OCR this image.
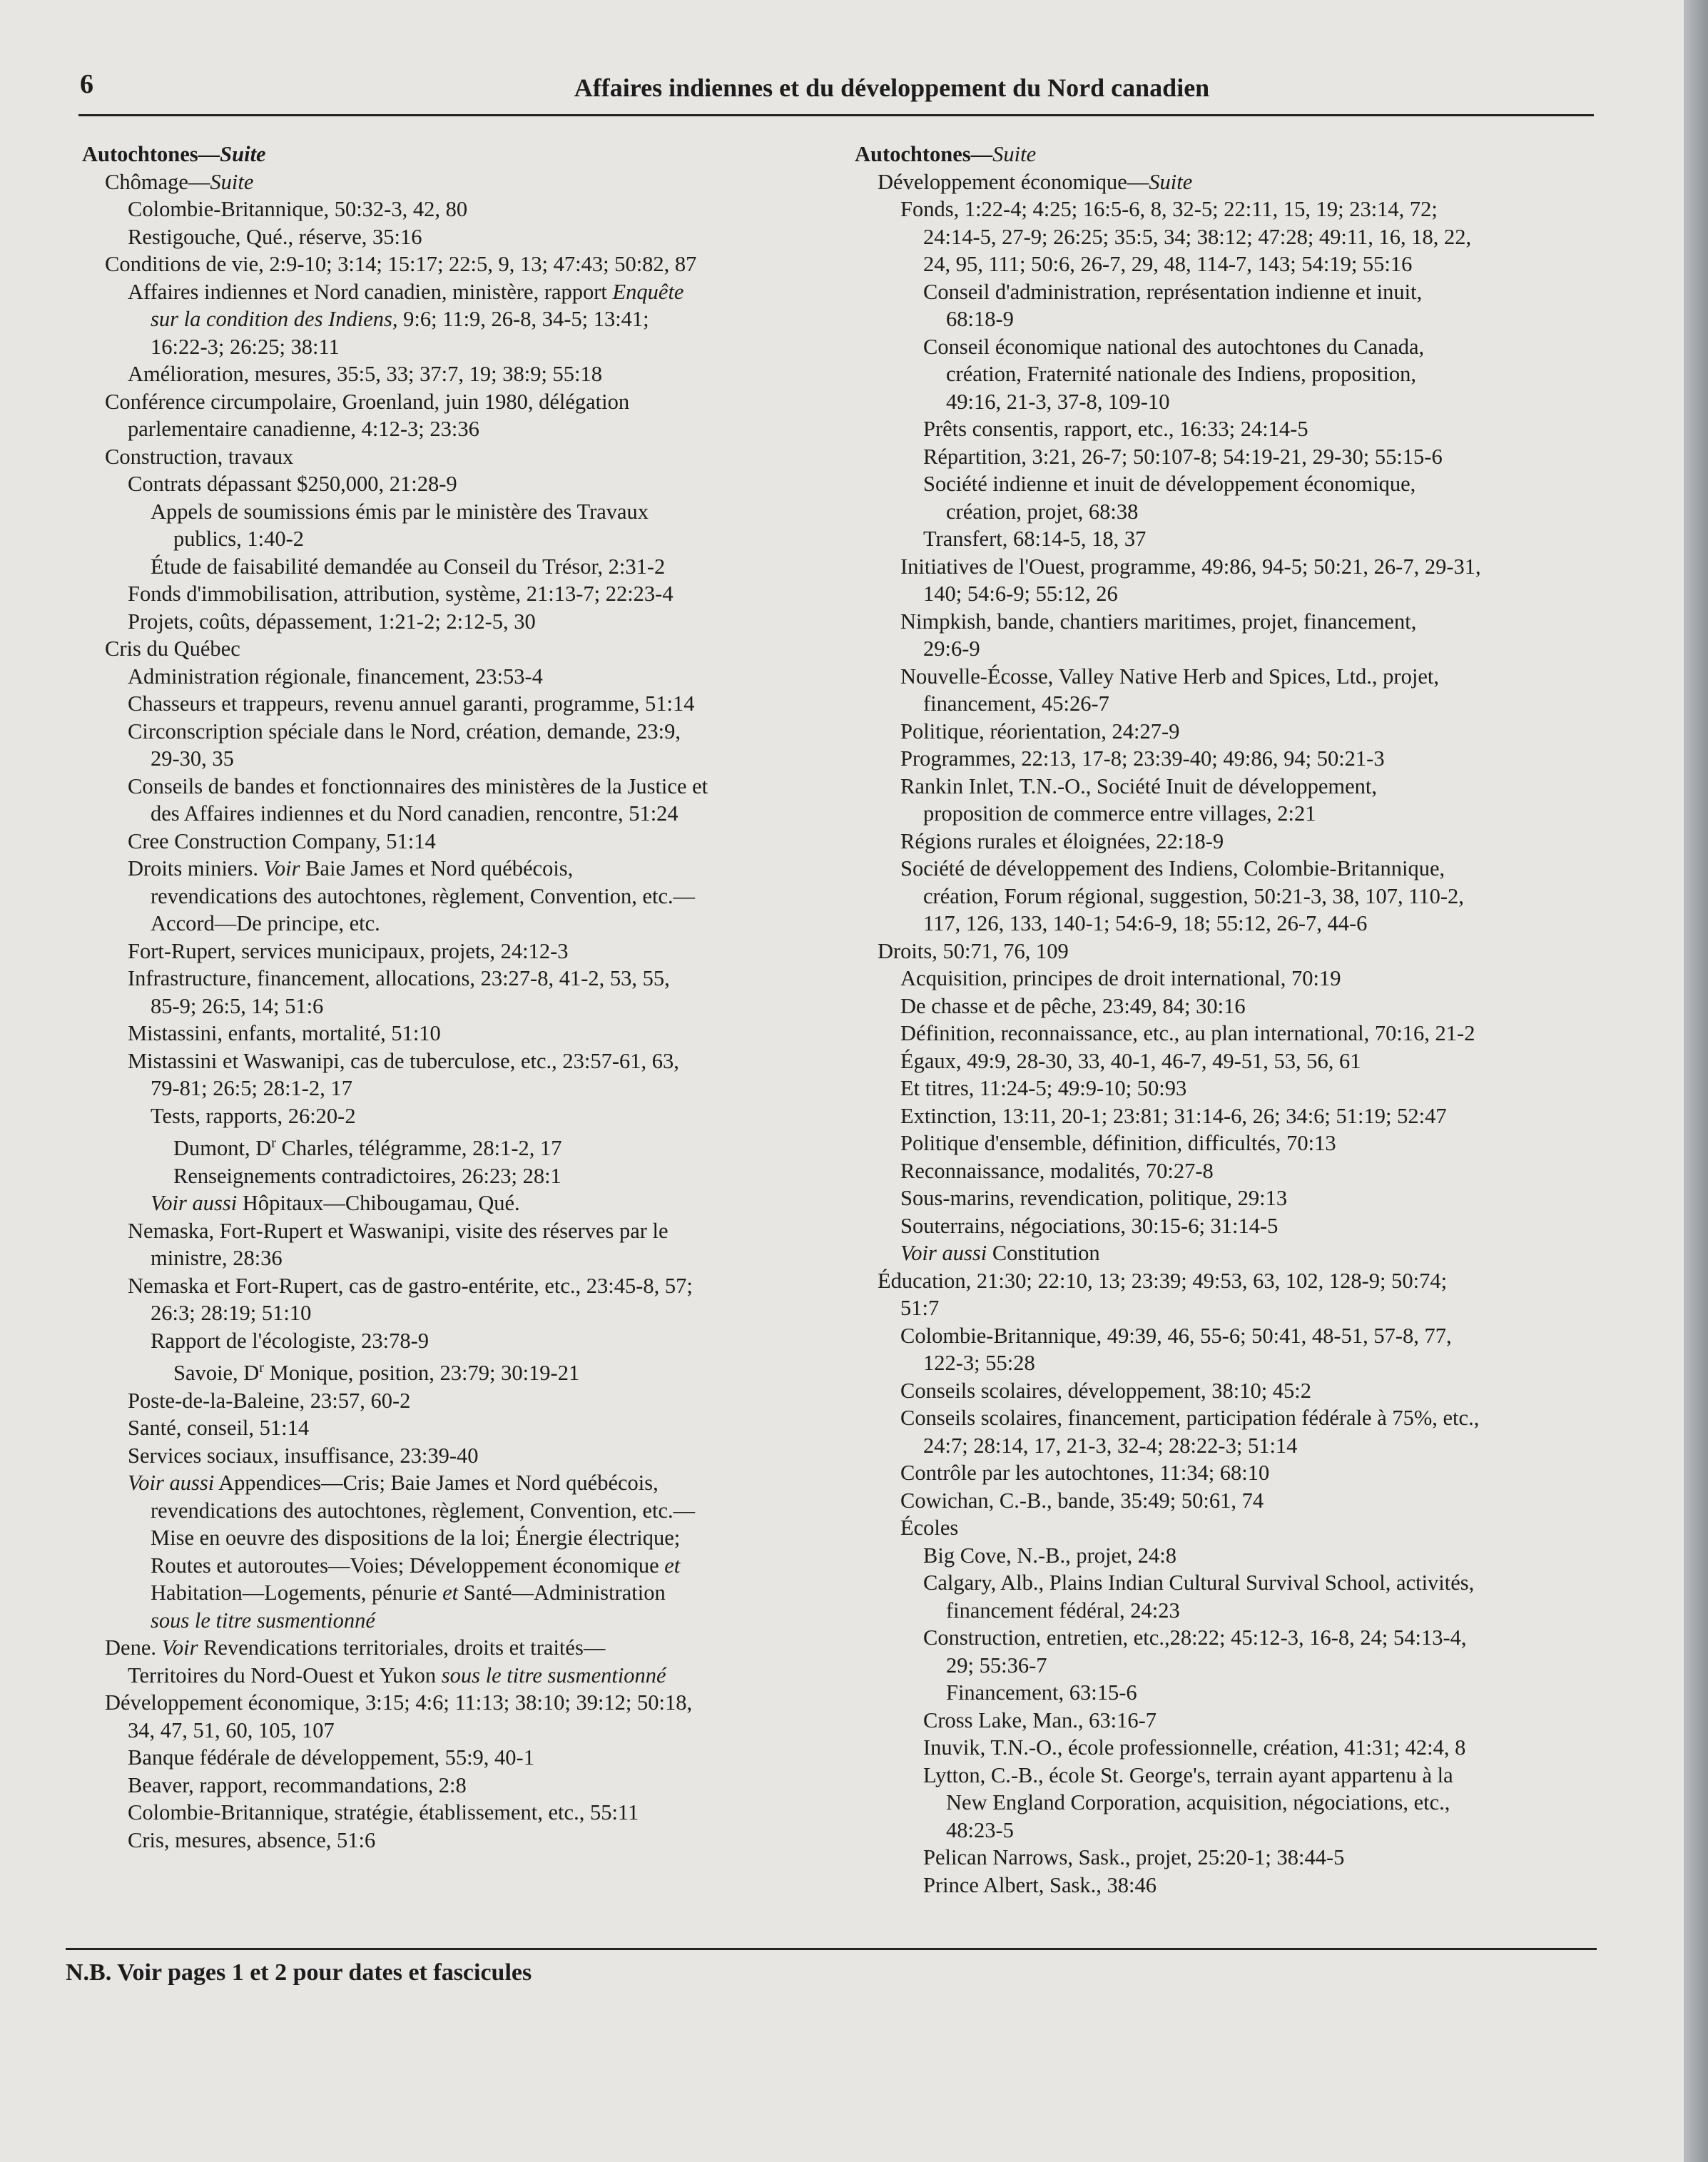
6	Affaires indiennes et du développement du Nord canadien
Autochtones—Suite
Chômage—Suite
Colombie-Britannique, 50:32-3, 42, 80
Restigouche, Qué., réserve, 35:16
Conditions de vie, 2:9-10; 3:14; 15:17; 22:5, 9, 13; 47:43; 50:82, 87
Affaires indiennes et Nord canadien, ministère, rapport Enquête
sur la condition des Indiens, 9:6; 11:9, 26-8, 34-5; 13:41;
16:22-3; 26:25; 38:11
Amélioration, mesures, 35:5, 33; 37:7, 19; 38:9; 55:18
Conférence circumpolaire, Groenland, juin 1980, délégation
parlementaire canadienne, 4:12-3; 23:36
Construction, travaux
Contrats dépassant $250,000, 21:28-9
Appels de soumissions émis par le ministère des Travaux
publics, 1:40-2
Étude de faisabilité demandée au Conseil du Trésor, 2:31-2
Fonds d'immobilisation, attribution, système, 21:13-7; 22:23-4
Projets, coûts, dépassement, 1:21-2; 2:12-5, 30
Cris du Québec
Administration régionale, financement, 23:53-4
Chasseurs et trappeurs, revenu annuel garanti, programme, 51:14
Circonscription spéciale dans le Nord, création, demande, 23:9,
29-30, 35
Conseils de bandes et fonctionnaires des ministères de la Justice et
des Affaires indiennes et du Nord canadien, rencontre, 51:24
Cree Construction Company, 51:14
Droits miniers. Voir Baie James et Nord québécois,
revendications des autochtones, règlement, Convention, etc.—
Accord—De principe, etc.
Fort-Rupert, services municipaux, projets, 24:12-3
Infrastructure, financement, allocations, 23:27-8, 41-2, 53, 55,
85-9; 26:5, 14; 51:6
Mistassini, enfants, mortalité, 51:10
Mistassini et Waswanipi, cas de tuberculose, etc., 23:57-61, 63,
79-81; 26:5; 28:1-2, 17
Tests, rapports, 26:20-2
Dumont, $D^r$ Charles, télégramme, 28:1-2, 17
Renseignements contradictoires, 26:23; 28:1
Voir aussi Hôpitaux—Chibougamau, Qué.
Nemaska, Fort-Rupert et Waswanipi, visite des réserves par le
ministre, 28:36
Nemaska et Fort-Rupert, cas de gastro-entérite, etc., 23:45-8, 57;
26:3; 28:19; 51:10
Rapport de l'écologiste, 23:78-9
Savoie, $D^r$ Monique, position, 23:79; 30:19-21
Poste-de-la-Baleine, 23:57, 60-2
Santé, conseil, 51:14
Services sociaux, insuffisance, 23:39-40
Voir aussi Appendices—Cris; Baie James et Nord québécois,
revendications des autochtones, règlement, Convention, etc.—
Mise en oeuvre des dispositions de la loi; Énergie électrique;
Routes et autoroutes—Voies; Développement économique et
Habitation—Logements, pénurie et Santé—Administration
sous le titre susmentionné
Dene. Voir Revendications territoriales, droits et traités—
Territoires du Nord-Ouest et Yukon sous le titre susmentionné
Développement économique, 3:15; 4:6; 11:13; 38:10; 39:12; 50:18,
34, 47, 51, 60, 105, 107
Banque fédérale de développement, 55:9, 40-1
Beaver, rapport, recommandations, 2:8
Colombie-Britannique, stratégie, établissement, etc., 55:11
Cris, mesures, absence, 51:6
Autochtones—Suite
Développement économique—Suite
Fonds, 1:22-4; 4:25; 16:5-6, 8, 32-5; 22:11, 15, 19; 23:14, 72;
24:14-5, 27-9; 26:25; 35:5, 34; 38:12; 47:28; 49:11, 16, 18, 22,
24, 95, 111; 50:6, 26-7, 29, 48, 114-7, 143; 54:19; 55:16
Conseil d'administration, représentation indienne et inuit,
68:18-9
Conseil économique national des autochtones du Canada,
création, Fraternité nationale des Indiens, proposition,
49:16, 21-3, 37-8, 109-10
Prêts consentis, rapport, etc., 16:33; 24:14-5
Répartition, 3:21, 26-7; 50:107-8; 54:19-21, 29-30; 55:15-6
Société indienne et inuit de développement économique,
création, projet, 68:38
Transfert, 68:14-5, 18, 37
Initiatives de l'Ouest, programme, 49:86, 94-5; 50:21, 26-7, 29-31,
140; 54:6-9; 55:12, 26
Nimpkish, bande, chantiers maritimes, projet, financement,
29:6-9
Nouvelle-Écosse, Valley Native Herb and Spices, Ltd., projet,
financement, 45:26-7
Politique, réorientation, 24:27-9
Programmes, 22:13, 17-8; 23:39-40; 49:86, 94; 50:21-3
Rankin Inlet, T.N.-O., Société Inuit de développement,
proposition de commerce entre villages, 2:21
Régions rurales et éloignées, 22:18-9
Société de développement des Indiens, Colombie-Britannique,
création, Forum régional, suggestion, 50:21-3, 38, 107, 110-2,
117, 126, 133, 140-1; 54:6-9, 18; 55:12, 26-7, 44-6
Droits, 50:71, 76, 109
Acquisition, principes de droit international, 70:19
De chasse et de pêche, 23:49, 84; 30:16
Définition, reconnaissance, etc., au plan international, 70:16, 21-2
Égaux, 49:9, 28-30, 33, 40-1, 46-7, 49-51, 53, 56, 61
Et titres, 11:24-5; 49:9-10; 50:93
Extinction, 13:11, 20-1; 23:81; 31:14-6, 26; 34:6; 51:19; 52:47
Politique d'ensemble, définition, difficultés, 70:13
Reconnaissance, modalités, 70:27-8
Sous-marins, revendication, politique, 29:13
Souterrains, négociations, 30:15-6; 31:14-5
Voir aussi Constitution
Éducation, 21:30; 22:10, 13; 23:39; 49:53, 63, 102, 128-9; 50:74;
51:7
Colombie-Britannique, 49:39, 46, 55-6; 50:41, 48-51, 57-8, 77,
122-3; 55:28
Conseils scolaires, développement, 38:10; 45:2
Conseils scolaires, financement, participation fédérale à 75%, etc.,
24:7; 28:14, 17, 21-3, 32-4; 28:22-3; 51:14
Contrôle par les autochtones, 11:34; 68:10
Cowichan, C.-B., bande, 35:49; 50:61, 74
Écoles
Big Cove, N.-B., projet, 24:8
Calgary, Alb., Plains Indian Cultural Survival School, activités,
financement fédéral, 24:23
Construction, entretien, etc.,28:22; 45:12-3, 16-8, 24; 54:13-4,
29; 55:36-7
Financement, 63:15-6
Cross Lake, Man., 63:16-7
Inuvik, T.N.-O., école professionnelle, création, 41:31; 42:4, 8
Lytton, C.-B., école St. George's, terrain ayant appartenu à la
New England Corporation, acquisition, négociations, etc.,
48:23-5
Pelican Narrows, Sask., projet, 25:20-1; 38:44-5
Prince Albert, Sask., 38:46
N.B. Voir pages 1 et 2 pour dates et fascicules
